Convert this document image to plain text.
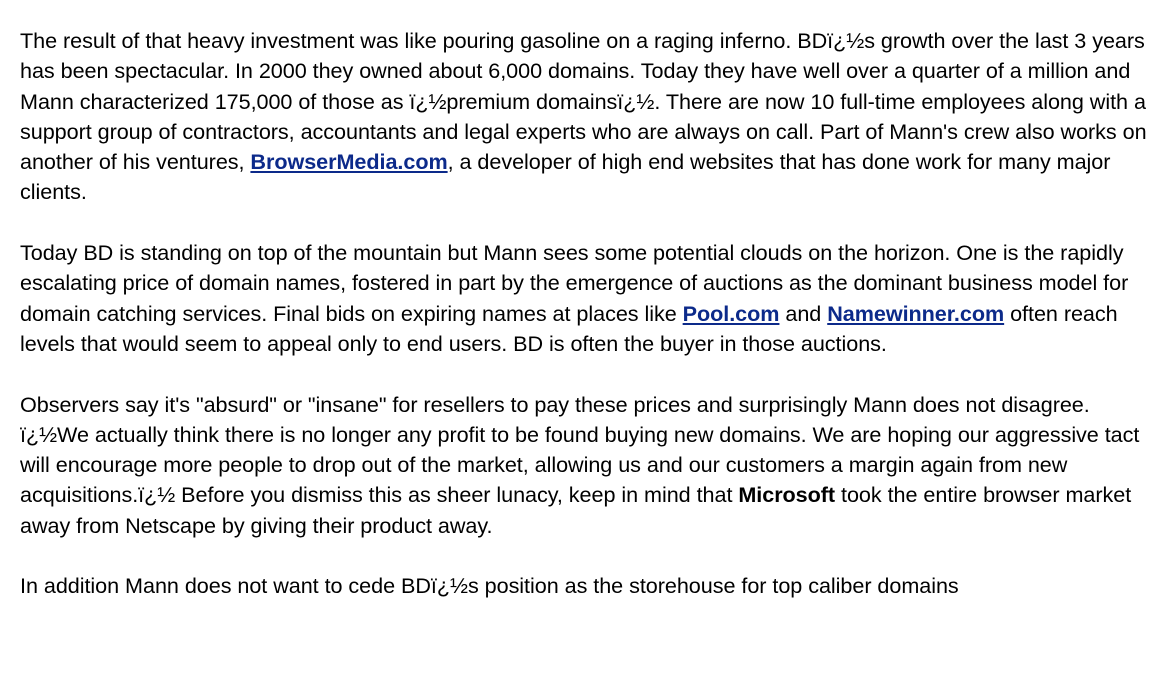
The result of that heavy investment was like pouring gasoline on a raging inferno. BDï¿½s growth over the last 3 years has been spectacular. In 2000 they owned about 6,000 domains. Today they have well over a quarter of a million and Mann characterized 175,000 of those as ï¿½premium domainsï¿½. There are now 10 full-time employees along with a support group of contractors, accountants and legal experts who are always on call. Part of Mann's crew also works on another of his ventures, BrowserMedia.com, a developer of high end websites that has done work for many major clients.

Today BD is standing on top of the mountain but Mann sees some potential clouds on the horizon. One is the rapidly escalating price of domain names, fostered in part by the emergence of auctions as the dominant business model for domain catching services. Final bids on expiring names at places like Pool.com and Namewinner.com often reach levels that would seem to appeal only to end users. BD is often the buyer in those auctions.

Observers say it's "absurd" or "insane" for resellers to pay these prices and surprisingly Mann does not disagree. ï¿½We actually think there is no longer any profit to be found buying new domains. We are hoping our aggressive tact will encourage more people to drop out of the market, allowing us and our customers a margin again from new acquisitions.ï¿½ Before you dismiss this as sheer lunacy, keep in mind that Microsoft took the entire browser market away from Netscape by giving their product away.

In addition Mann does not want to cede BDï¿½s position as the storehouse for top caliber domains
